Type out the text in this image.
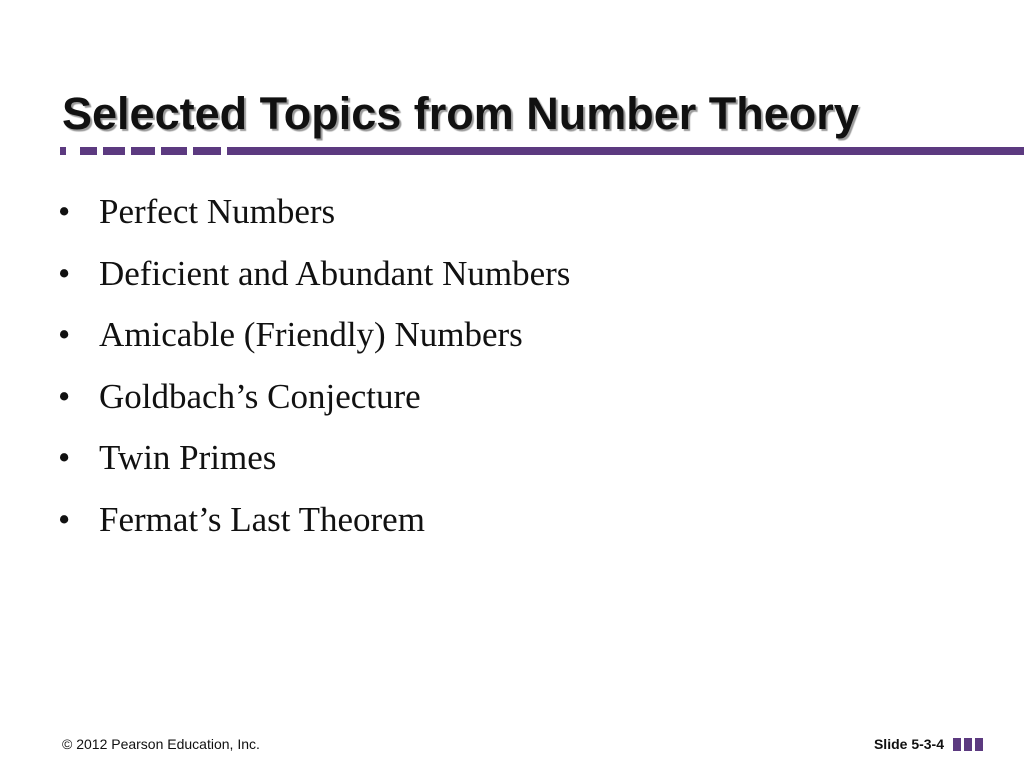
Selected Topics from Number Theory
• Perfect Numbers
• Deficient and Abundant Numbers
• Amicable (Friendly) Numbers
• Goldbach’s Conjecture
• Twin Primes
• Fermat’s Last Theorem
© 2012 Pearson Education, Inc.	Slide 5-3-4
